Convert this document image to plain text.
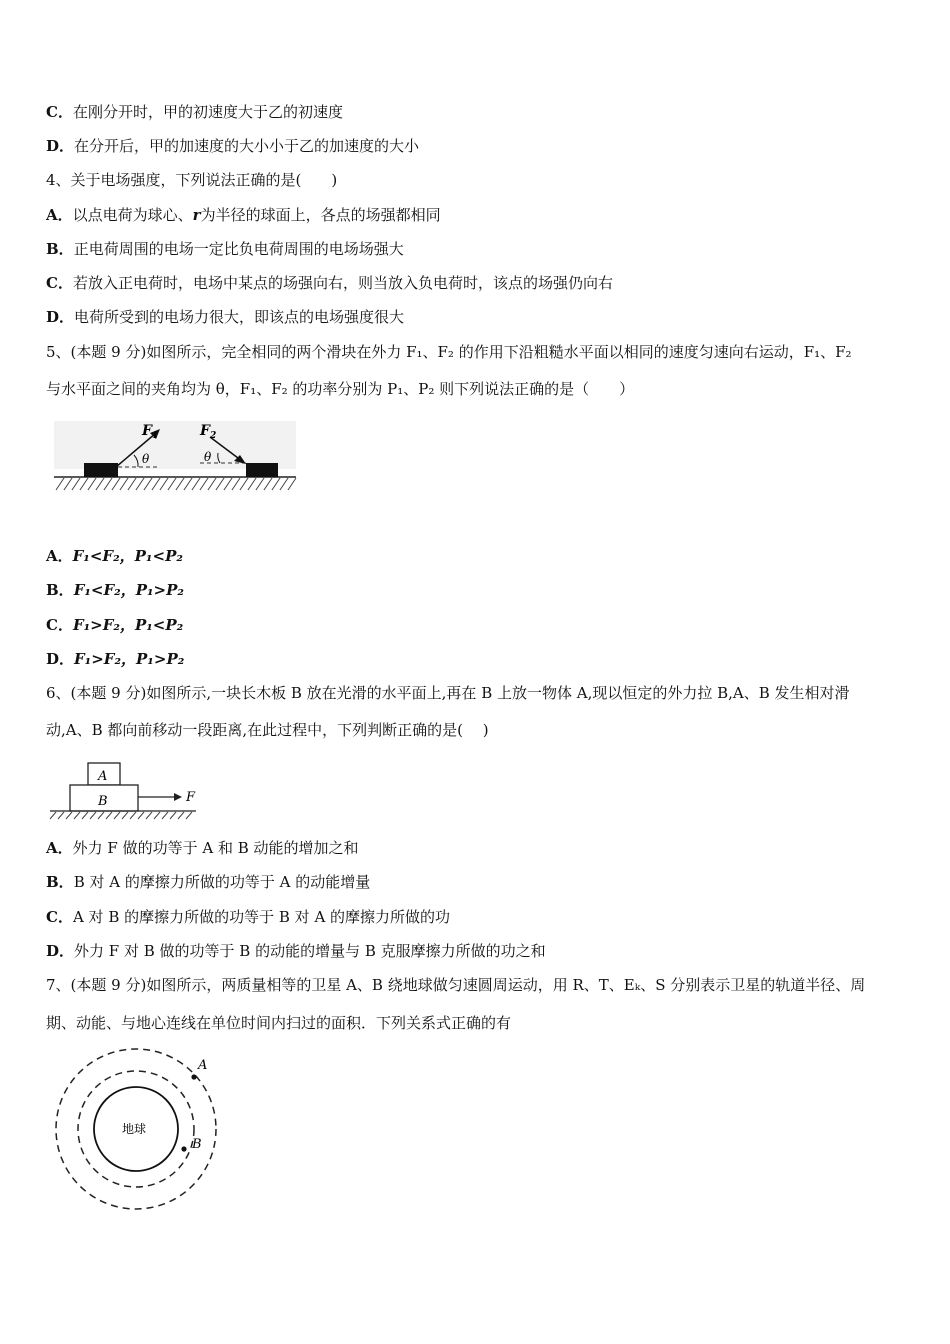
C．在刚分开时，甲的初速度大于乙的初速度
D．在分开后，甲的加速度的大小小于乙的加速度的大小
4、关于电场强度，下列说法正确的是(　　)
A．以点电荷为球心、r为半径的球面上，各点的场强都相同
B．正电荷周围的电场一定比负电荷周围的电场场强大
C．若放入正电荷时，电场中某点的场强向右，则当放入负电荷时，该点的场强仍向右
D．电荷所受到的电场力很大，即该点的电场强度很大
5、(本题 9 分)如图所示，完全相同的两个滑块在外力 F₁、F₂ 的作用下沿粗糙水平面以相同的速度匀速向右运动，F₁、F₂
与水平面之间的夹角均为 θ，F₁、F₂ 的功率分别为 P₁、P₂ 则下列说法正确的是（　　）
$F_1$
θ
$F_2$
θ
A．F₁<F₂，P₁<P₂
B．F₁<F₂，P₁>P₂
C．F₁>F₂，P₁<P₂
D．F₁>F₂，P₁>P₂
6、(本题 9 分)如图所示,一块长木板 B 放在光滑的水平面上,再在 B 上放一物体 A,现以恒定的外力拉 B,A、B 发生相对滑
动,A、B 都向前移动一段距离,在此过程中，下列判断正确的是(　 )
A
B	F
A．外力 F 做的功等于 A 和 B 动能的增加之和
B．B 对 A 的摩擦力所做的功等于 A 的动能增量
C．A 对 B 的摩擦力所做的功等于 B 对 A 的摩擦力所做的功
D．外力 F 对 B 做的功等于 B 的动能的增量与 B 克服摩擦力所做的功之和
7、(本题 9 分)如图所示，两质量相等的卫星 A、B 绕地球做匀速圆周运动，用 R、T、Eₖ、S 分别表示卫星的轨道半径、周
期、动能、与地心连线在单位时间内扫过的面积．下列关系式正确的有
地球
A
B
